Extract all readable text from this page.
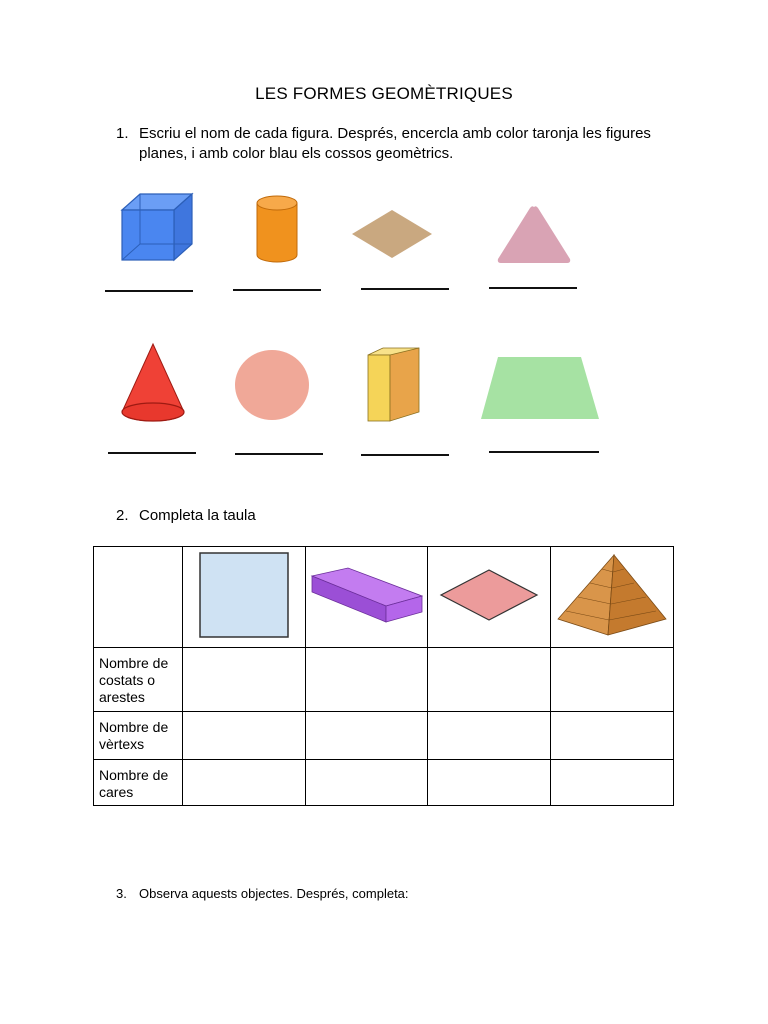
LES FORMES GEOMÈTRIQUES
1. Escriu el nom de cada figura. Després, encercla amb color taronja les figures planes, i amb color blau els cossos geomètrics.
2. Completa la taula

Nombre de costats o arestes				
Nombre de vèrtexs				
Nombre de cares				
3. Observa aquests objectes. Després, completa:
